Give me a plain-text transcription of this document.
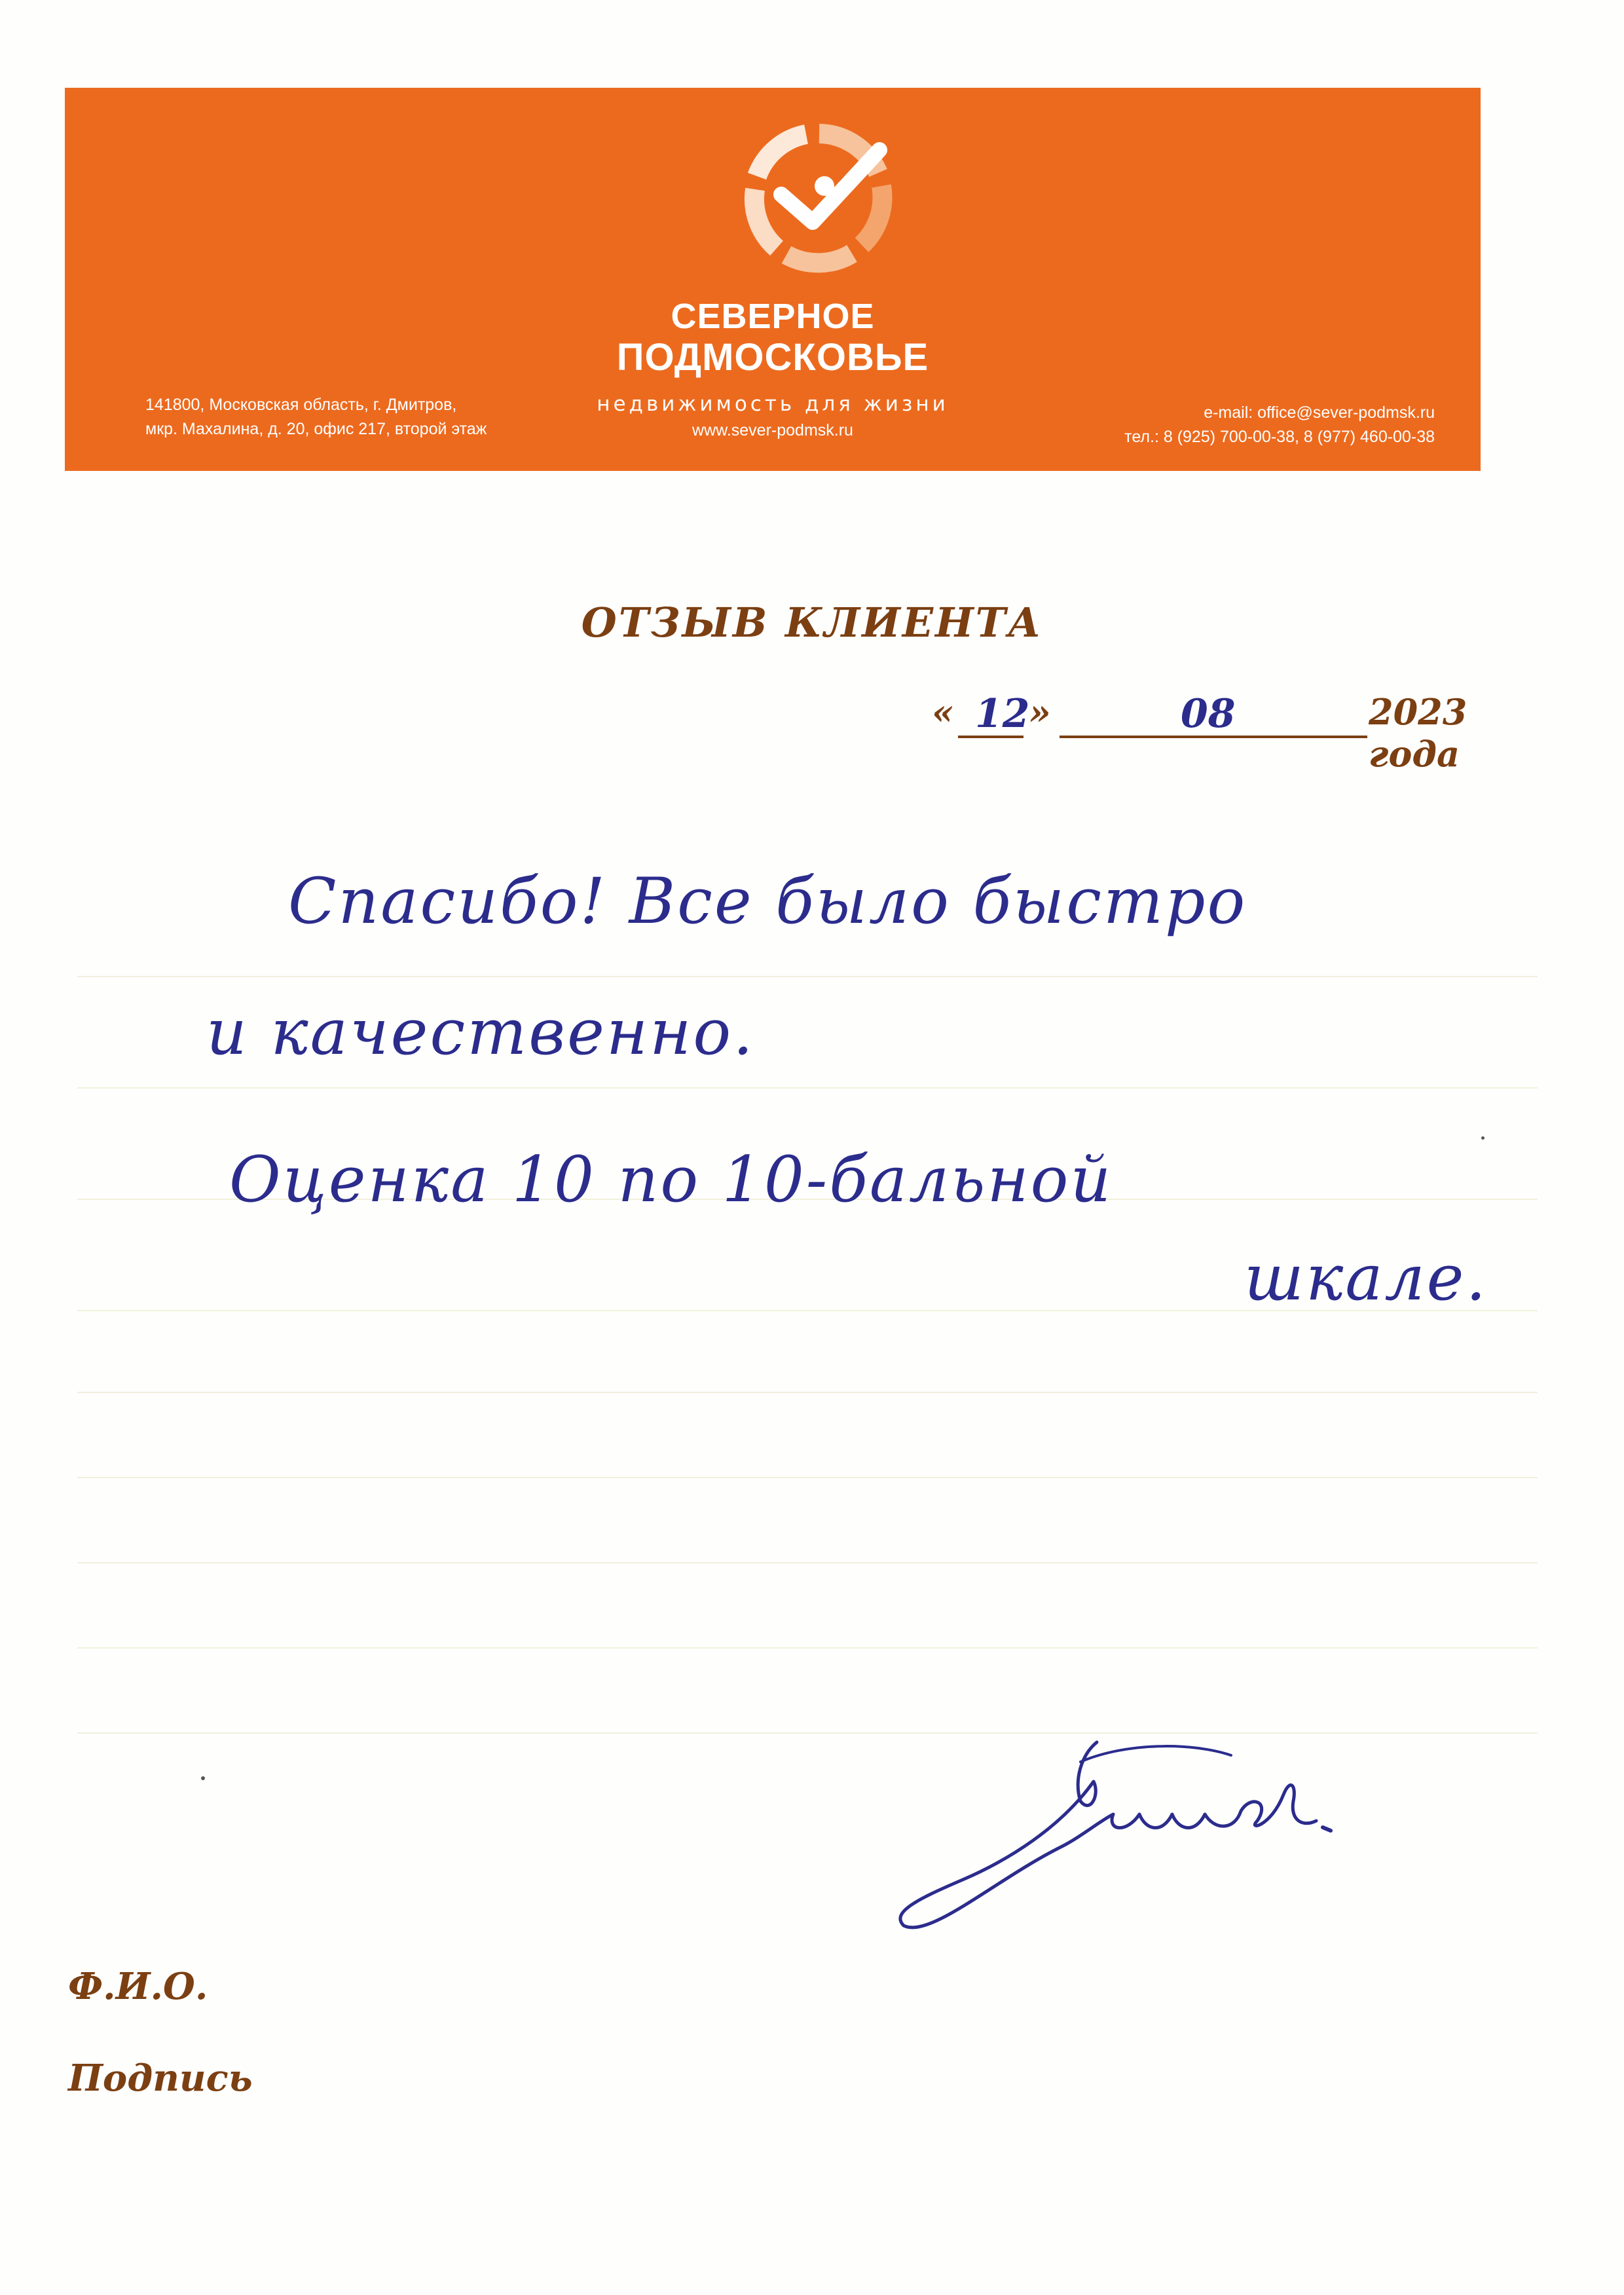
СЕВЕРНОЕ
ПОДМОСКОВЬЕ
недвижимость для жизни
www.sever-podmsk.ru
141800, Московская область, г. Дмитров,
мкр. Махалина, д. 20, офис 217, второй этаж
e-mail: office@sever-podmsk.ru
тел.: 8 (925) 700-00-38, 8 (977) 460-00-38
ОТЗЫВ КЛИЕНТА
« 12
»	08	2023 года
Спасибо! Все было быстро
и качественно.
Оценка 10 по 10-бальной
шкале.
Ф.И.О.
Подпись
